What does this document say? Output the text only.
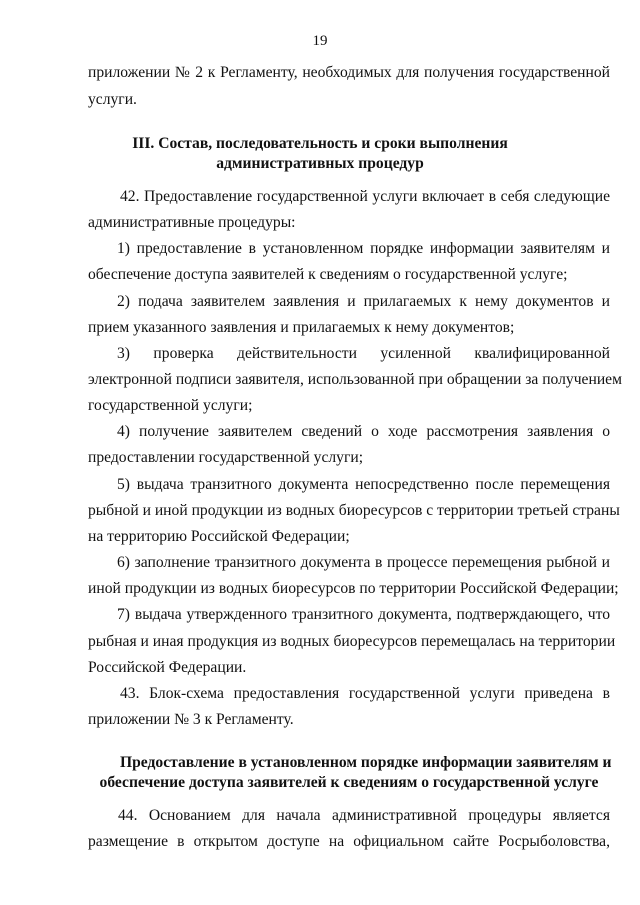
19
приложении № 2 к Регламенту, необходимых для получения государственной
услуги.
III. Состав, последовательность и сроки выполнения
административных процедур
42. Предоставление государственной услуги включает в себя следующие
административные процедуры:
1) предоставление в установленном порядке информации заявителям и
обеспечение доступа заявителей к сведениям о государственной услуге;
2) подача заявителем заявления и прилагаемых к нему документов и
прием указанного заявления и прилагаемых к нему документов;
3) проверка действительности усиленной квалифицированной
электронной подписи заявителя, использованной при обращении за получением
государственной услуги;
4) получение заявителем сведений о ходе рассмотрения заявления о
предоставлении государственной услуги;
5) выдача транзитного документа непосредственно после перемещения
рыбной и иной продукции из водных биоресурсов с территории третьей страны
на территорию Российской Федерации;
6) заполнение транзитного документа в процессе перемещения рыбной и
иной продукции из водных биоресурсов по территории Российской Федерации;
7) выдача утвержденного транзитного документа, подтверждающего, что
рыбная и иная продукция из водных биоресурсов перемещалась на территории
Российской Федерации.
43. Блок-схема предоставления государственной услуги приведена в
приложении № 3 к Регламенту.
Предоставление в установленном порядке информации заявителям и
обеспечение доступа заявителей к сведениям о государственной услуге
44. Основанием для начала административной процедуры является
размещение в открытом доступе на официальном сайте Росрыболовства,
